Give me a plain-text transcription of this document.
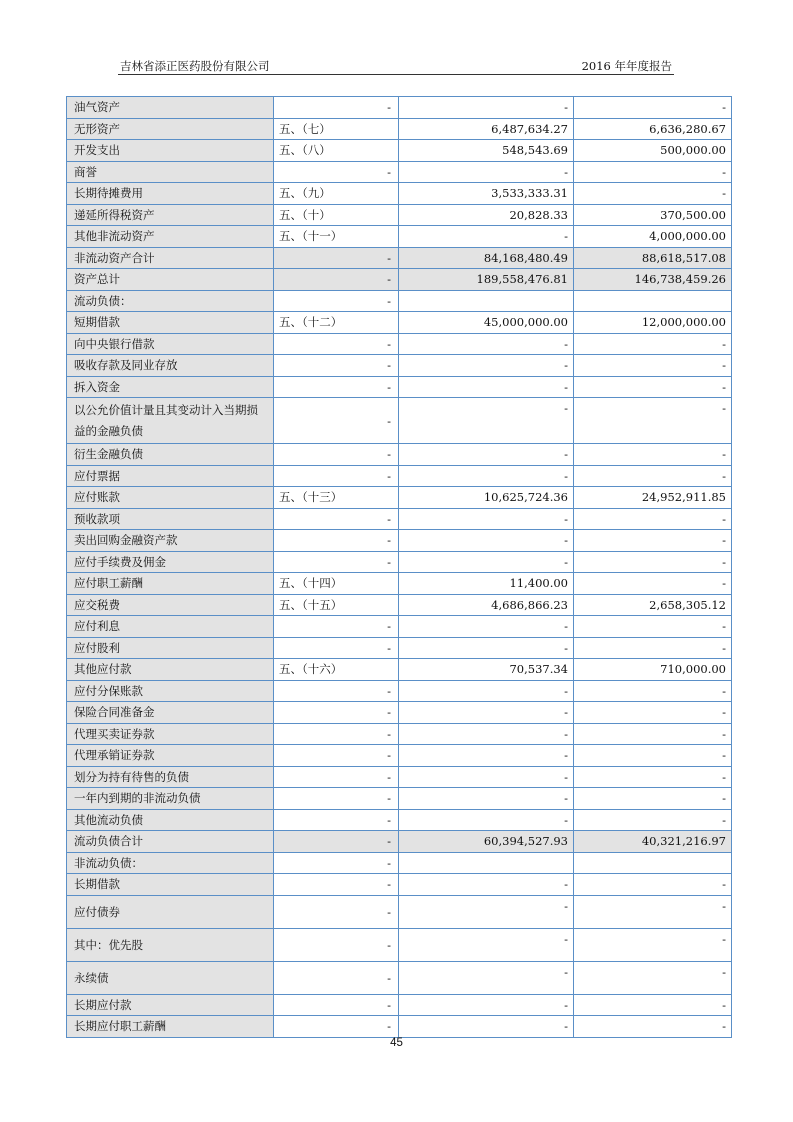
吉林省添正医药股份有限公司	2016 年年度报告
油气资产	-	-	-
无形资产	五、（七）	6,487,634.27	6,636,280.67
开发支出	五、（八）	548,543.69	500,000.00
商誉	-	-	-
长期待摊费用	五、（九）	3,533,333.31	-
递延所得税资产	五、（十）	20,828.33	370,500.00
其他非流动资产	五、（十一）	-	4,000,000.00
非流动资产合计	-	84,168,480.49	88,618,517.08
资产总计	-	189,558,476.81	146,738,459.26
流动负债：	-		

短期借款	五、（十二）	45,000,000.00	12,000,000.00
向中央银行借款	-	-	-
吸收存款及同业存放	-	-	-
拆入资金	-	-	-
以公允价值计量且其变动计入当期损益的金融负债	-	-	-
衍生金融负债	-	-	-
应付票据	-	-	-
应付账款	五、（十三）	10,625,724.36	24,952,911.85
预收款项	-	-	-
卖出回购金融资产款	-	-	-
应付手续费及佣金	-	-	-
应付职工薪酬	五、（十四）	11,400.00	-
应交税费	五、（十五）	4,686,866.23	2,658,305.12
应付利息	-	-	-
应付股利	-	-	-
其他应付款	五、（十六）	70,537.34	710,000.00
应付分保账款	-	-	-
保险合同准备金	-	-	-
代理买卖证券款	-	-	-
代理承销证券款	-	-	-
划分为持有待售的负债	-	-	-
一年内到期的非流动负债	-	-	-
其他流动负债	-	-	-
流动负债合计	-	60,394,527.93	40,321,216.97
非流动负债：	-		

长期借款	-	-	-
应付债券	-	-	-
其中：优先股	-	-	-
永续债	-	-	-
长期应付款	-	-	-
长期应付职工薪酬	-	-	-
45
